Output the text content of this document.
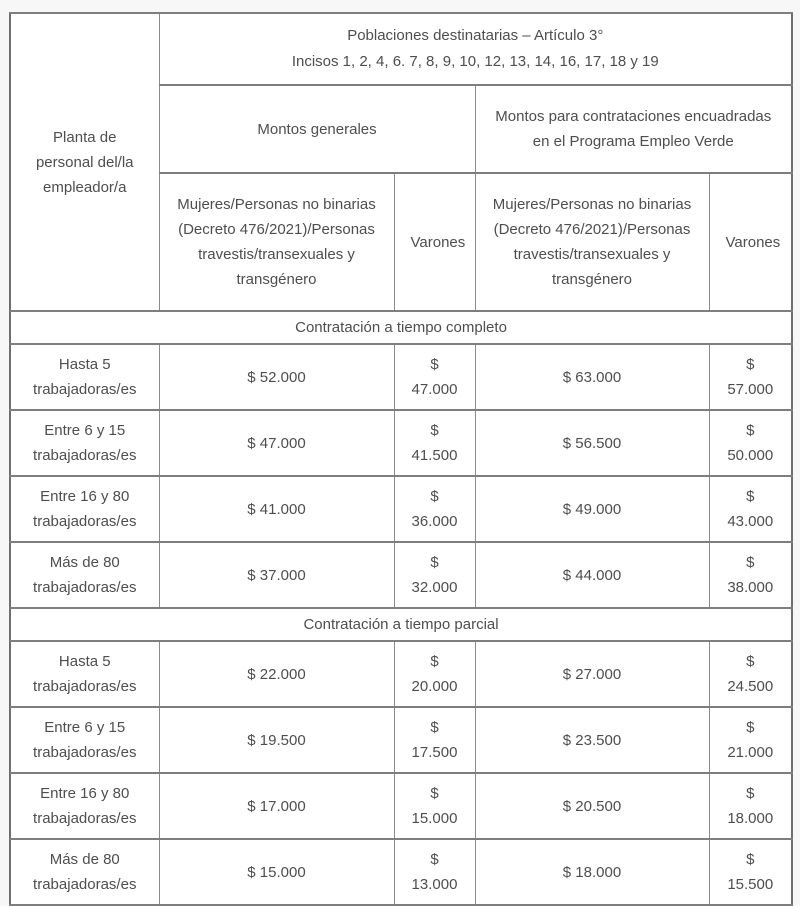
Planta de personal del/la empleador/a	Poblaciones destinatarias – Artículo 3°
Incisos 1, 2, 4, 6. 7, 8, 9, 10, 12, 13, 14, 16, 17, 18 y 19			

	Montos generales		Montos para contrataciones encuadradas en el Programa Empleo Verde	
	Mujeres/Personas no binarias (Decreto 476/2021)/Personas travestis/transexuales y transgénero	Varones	Mujeres/Personas no binarias (Decreto 476/2021)/Personas travestis/transexuales y transgénero	Varones
Contratación a tiempo completo				
Hasta 5 trabajadoras/es	$ 52.000	$ 47.000	$ 63.000	$ 57.000
Entre 6 y 15 trabajadoras/es	$ 47.000	$ 41.500	$ 56.500	$ 50.000
Entre 16 y 80 trabajadoras/es	$ 41.000	$ 36.000	$ 49.000	$ 43.000
Más de 80 trabajadoras/es	$ 37.000	$ 32.000	$ 44.000	$ 38.000
Contratación a tiempo parcial				
Hasta 5 trabajadoras/es	$ 22.000	$ 20.000	$ 27.000	$ 24.500
Entre 6 y 15 trabajadoras/es	$ 19.500	$ 17.500	$ 23.500	$ 21.000
Entre 16 y 80 trabajadoras/es	$ 17.000	$ 15.000	$ 20.500	$ 18.000
Más de 80 trabajadoras/es	$ 15.000	$ 13.000	$ 18.000	$ 15.500
